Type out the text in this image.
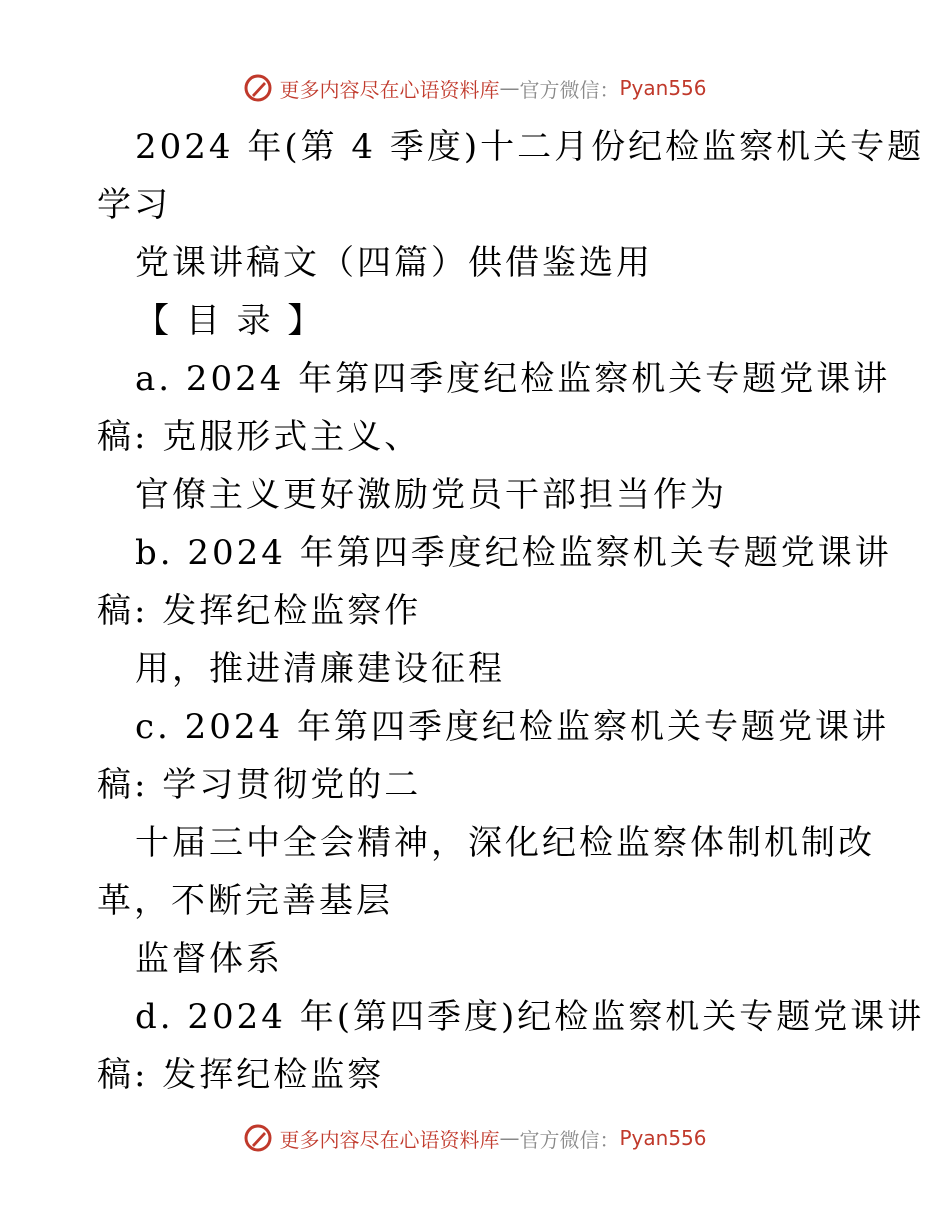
更多内容尽在心语资料库 — 官方微信： Pyan556
2024 年(第 4 季度)十二月份纪检监察机关专题
学习
党课讲稿文（四篇）供借鉴选用
【 目 录 】
a. 2024 年第四季度纪检监察机关专题党课讲
稿: 克服形式主义、
官僚主义更好激励党员干部担当作为
b. 2024 年第四季度纪检监察机关专题党课讲
稿: 发挥纪检监察作
用，推进清廉建设征程
c. 2024 年第四季度纪检监察机关专题党课讲
稿: 学习贯彻党的二
十届三中全会精神，深化纪检监察体制机制改
革，不断完善基层
监督体系
d. 2024 年(第四季度)纪检监察机关专题党课讲
稿: 发挥纪检监察
更多内容尽在心语资料库 — 官方微信： Pyan556
